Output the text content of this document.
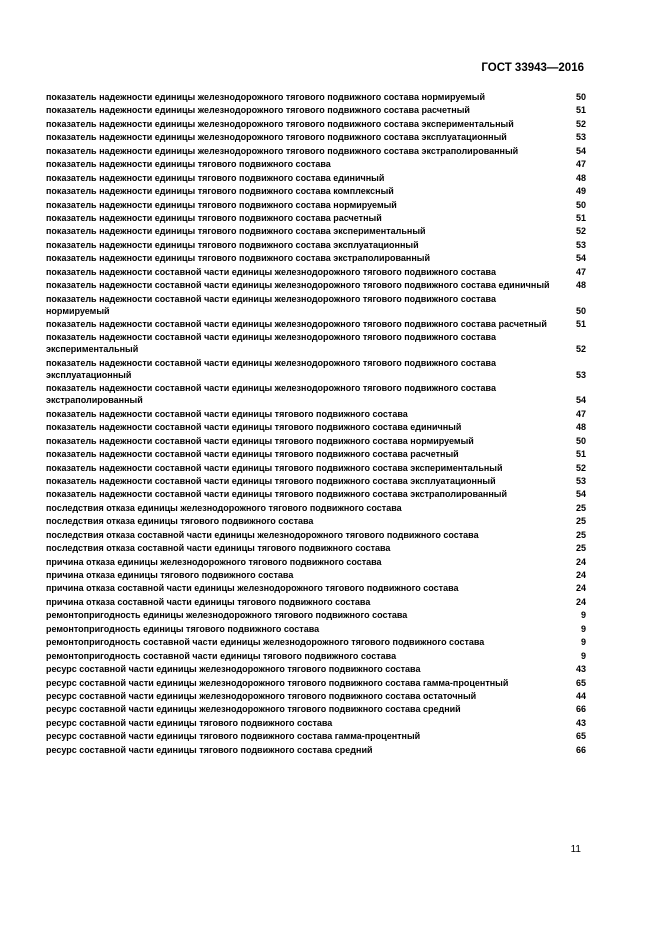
ГОСТ 33943—2016
показатель надежности единицы железнодорожного тягового подвижного состава нормируемый	50
показатель надежности единицы железнодорожного тягового подвижного состава расчетный	51
показатель надежности единицы железнодорожного тягового подвижного состава экспериментальный	52
показатель надежности единицы железнодорожного тягового подвижного состава эксплуатационный	53
показатель надежности единицы железнодорожного тягового подвижного состава экстраполированный	54
показатель надежности единицы тягового подвижного состава	47
показатель надежности единицы тягового подвижного состава единичный	48
показатель надежности единицы тягового подвижного состава комплексный	49
показатель надежности единицы тягового подвижного состава нормируемый	50
показатель надежности единицы тягового подвижного состава расчетный	51
показатель надежности единицы тягового подвижного состава экспериментальный	52
показатель надежности единицы тягового подвижного состава эксплуатационный	53
показатель надежности единицы тягового подвижного состава экстраполированный	54
показатель надежности составной части единицы железнодорожного тягового подвижного состава	47
показатель надежности составной части единицы железнодорожного тягового подвижного состава единичный	48
показатель надежности составной части единицы железнодорожного тягового подвижного состава нормируемый	50
показатель надежности составной части единицы железнодорожного тягового подвижного состава расчетный	51
показатель надежности составной части единицы железнодорожного тягового подвижного состава экспериментальный	52
показатель надежности составной части единицы железнодорожного тягового подвижного состава эксплуатационный	53
показатель надежности составной части единицы железнодорожного тягового подвижного состава экстраполированный	54
показатель надежности составной части единицы тягового подвижного состава	47
показатель надежности составной части единицы тягового подвижного состава единичный	48
показатель надежности составной части единицы тягового подвижного состава нормируемый	50
показатель надежности составной части единицы тягового подвижного состава расчетный	51
показатель надежности составной части единицы тягового подвижного состава экспериментальный	52
показатель надежности составной части единицы тягового подвижного состава эксплуатационный	53
показатель надежности составной части единицы тягового подвижного состава экстраполированный	54
последствия отказа единицы железнодорожного тягового подвижного состава	25
последствия отказа единицы тягового подвижного состава	25
последствия отказа составной части единицы железнодорожного тягового подвижного состава	25
последствия отказа составной части единицы тягового подвижного состава	25
причина отказа единицы железнодорожного тягового подвижного состава	24
причина отказа единицы тягового подвижного состава	24
причина отказа составной части единицы железнодорожного тягового подвижного состава	24
причина отказа составной части единицы тягового подвижного состава	24
ремонтопригодность единицы железнодорожного тягового подвижного состава	9
ремонтопригодность единицы тягового подвижного состава	9
ремонтопригодность составной части единицы железнодорожного тягового подвижного состава	9
ремонтопригодность составной части единицы тягового подвижного состава	9
ресурс составной части единицы железнодорожного тягового подвижного состава	43
ресурс составной части единицы железнодорожного тягового подвижного состава гамма-процентный	65
ресурс составной части единицы железнодорожного тягового подвижного состава остаточный	44
ресурс составной части единицы железнодорожного тягового подвижного состава средний	66
ресурс составной части единицы тягового подвижного состава	43
ресурс составной части единицы тягового подвижного состава гамма-процентный	65
ресурс составной части единицы тягового подвижного состава средний	66
11
